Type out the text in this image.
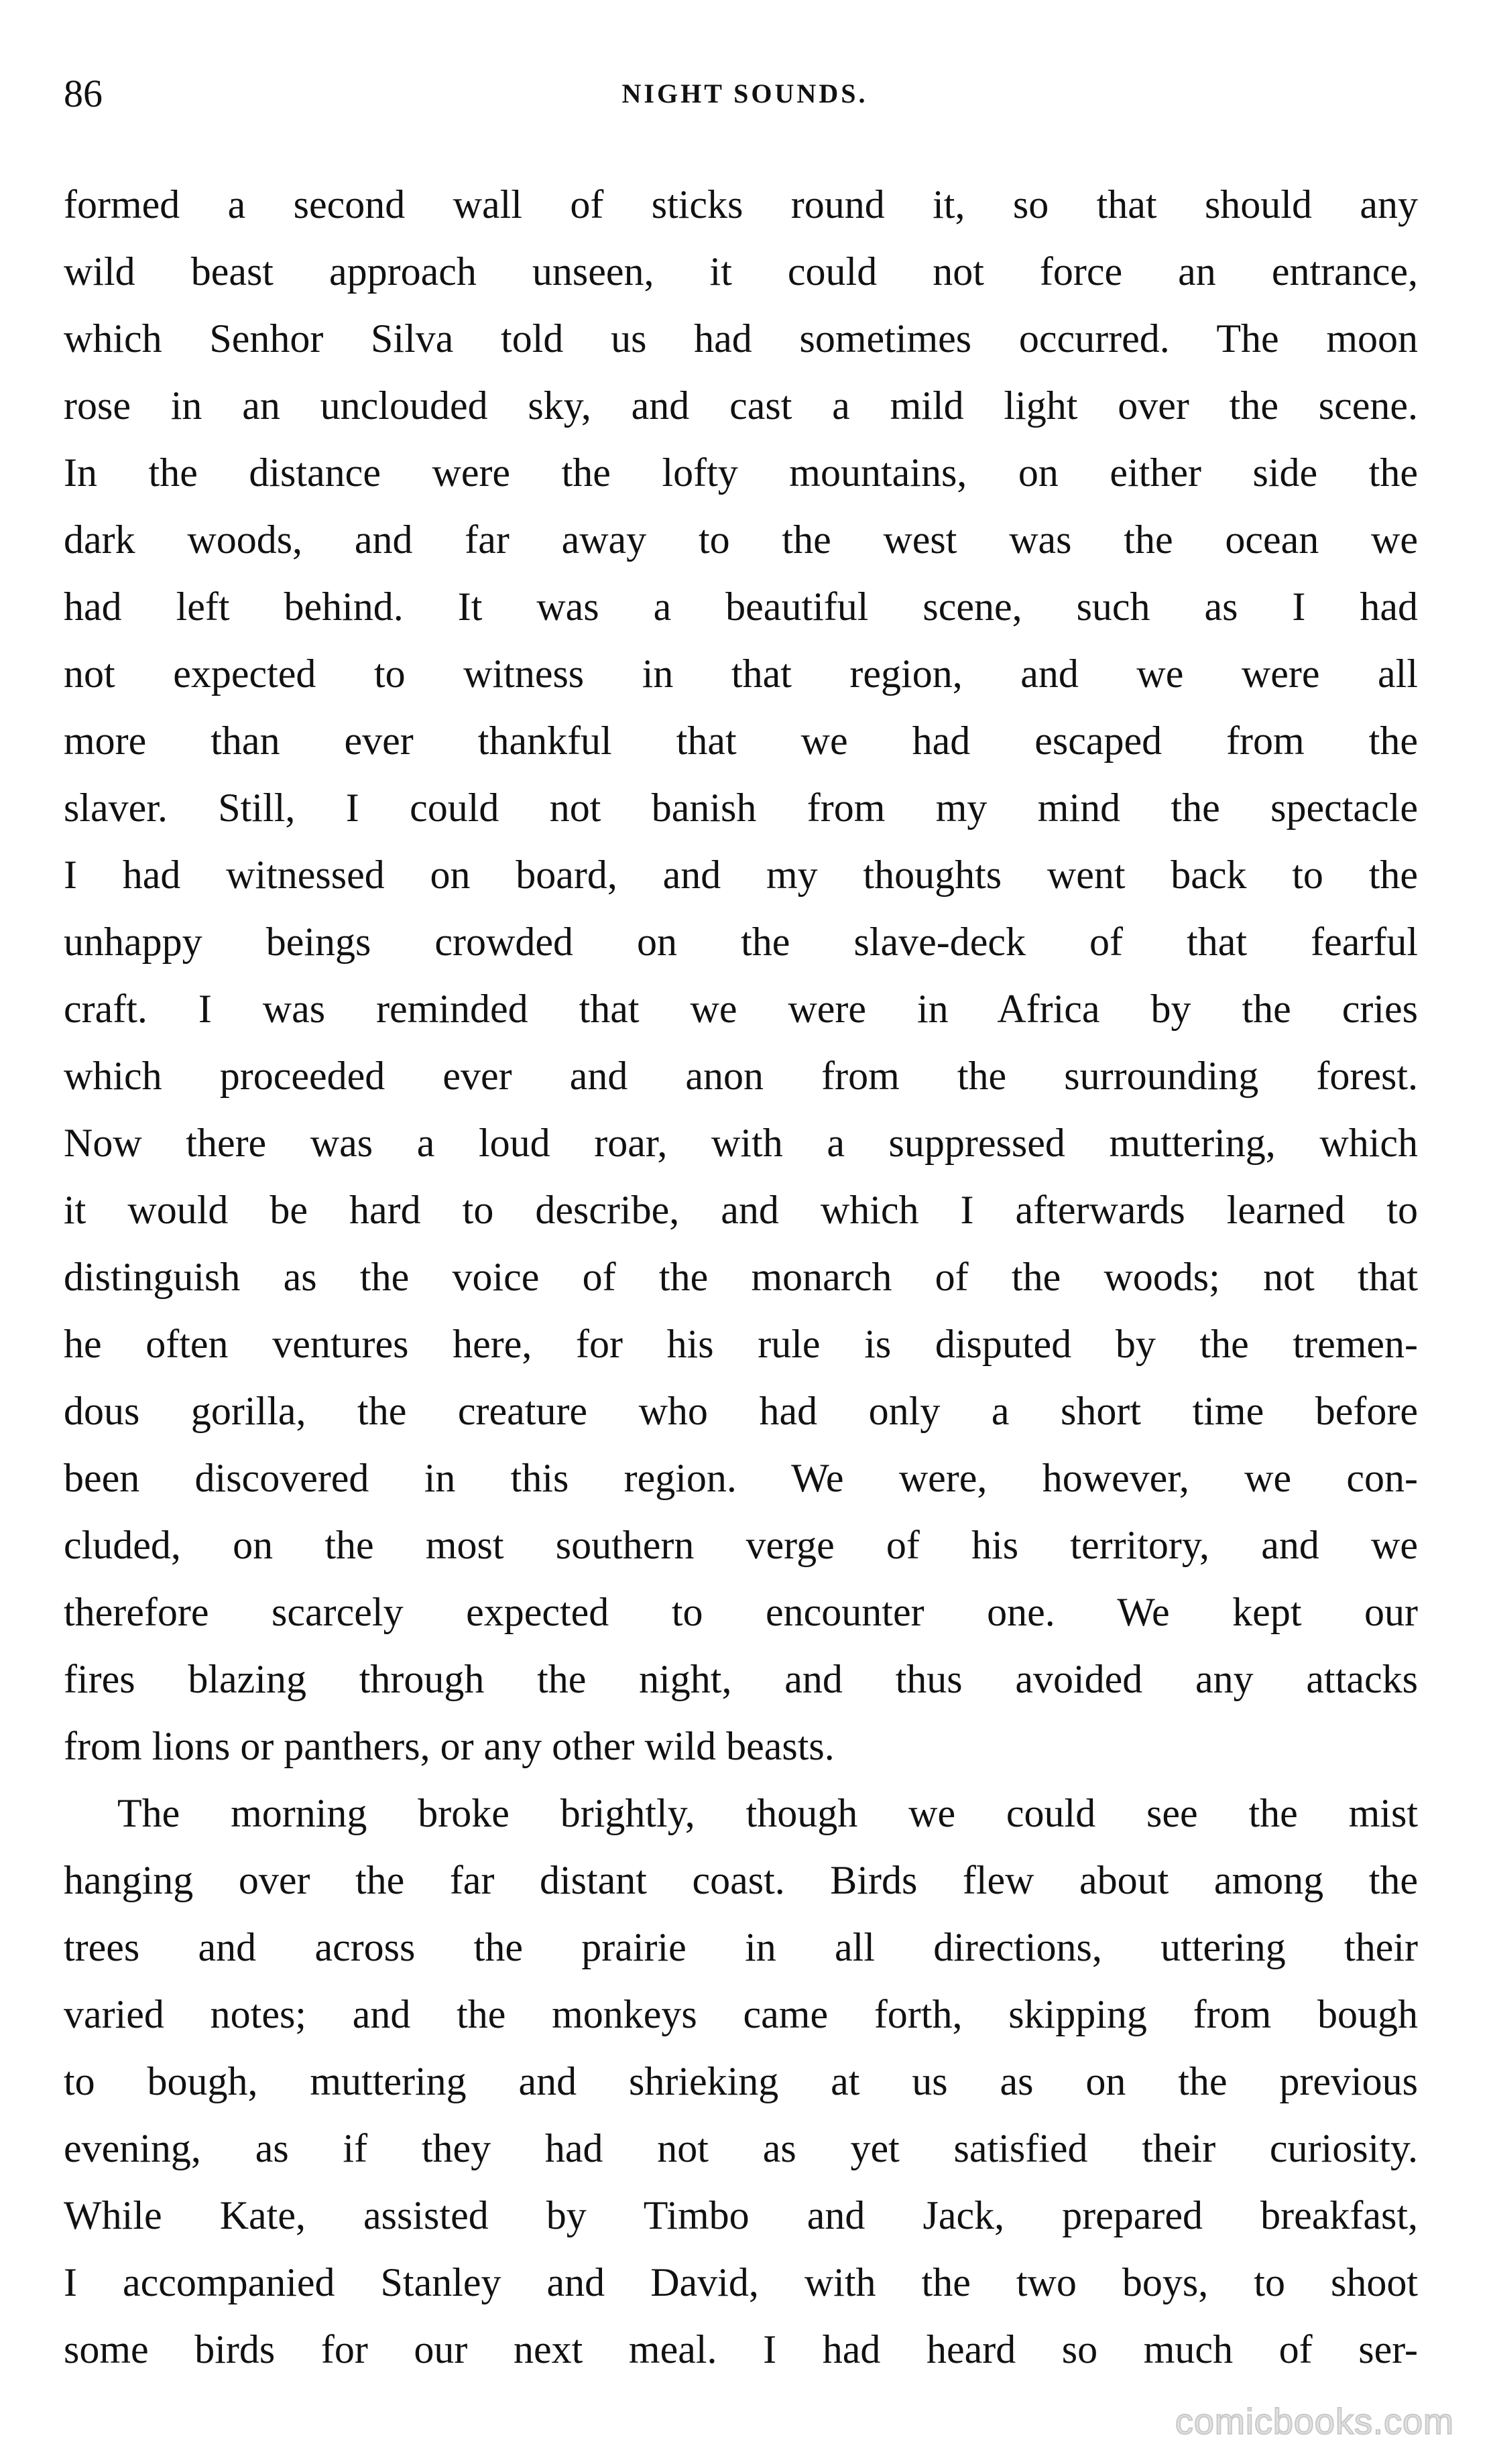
86	NIGHT SOUNDS.
formed a second wall of sticks round it, so that should any
wild beast approach unseen, it could not force an entrance,
which Senhor Silva told us had sometimes occurred. The moon
rose in an unclouded sky, and cast a mild light over the scene.
In the distance were the lofty mountains, on either side the
dark woods, and far away to the west was the ocean we
had left behind. It was a beautiful scene, such as I had
not expected to witness in that region, and we were all
more than ever thankful that we had escaped from the
slaver. Still, I could not banish from my mind the spectacle
I had witnessed on board, and my thoughts went back to the
unhappy beings crowded on the slave-deck of that fearful
craft. I was reminded that we were in Africa by the cries
which proceeded ever and anon from the surrounding forest.
Now there was a loud roar, with a suppressed muttering, which
it would be hard to describe, and which I afterwards learned to
distinguish as the voice of the monarch of the woods; not that
he often ventures here, for his rule is disputed by the tremen-
dous gorilla, the creature who had only a short time before
been discovered in this region. We were, however, we con-
cluded, on the most southern verge of his territory, and we
therefore scarcely expected to encounter one. We kept our
fires blazing through the night, and thus avoided any attacks
from lions or panthers, or any other wild beasts.
The morning broke brightly, though we could see the mist
hanging over the far distant coast. Birds flew about among the
trees and across the prairie in all directions, uttering their
varied notes; and the monkeys came forth, skipping from bough
to bough, muttering and shrieking at us as on the previous
evening, as if they had not as yet satisfied their curiosity.
While Kate, assisted by Timbo and Jack, prepared breakfast,
I accompanied Stanley and David, with the two boys, to shoot
some birds for our next meal. I had heard so much of ser-
comicbooks.com
